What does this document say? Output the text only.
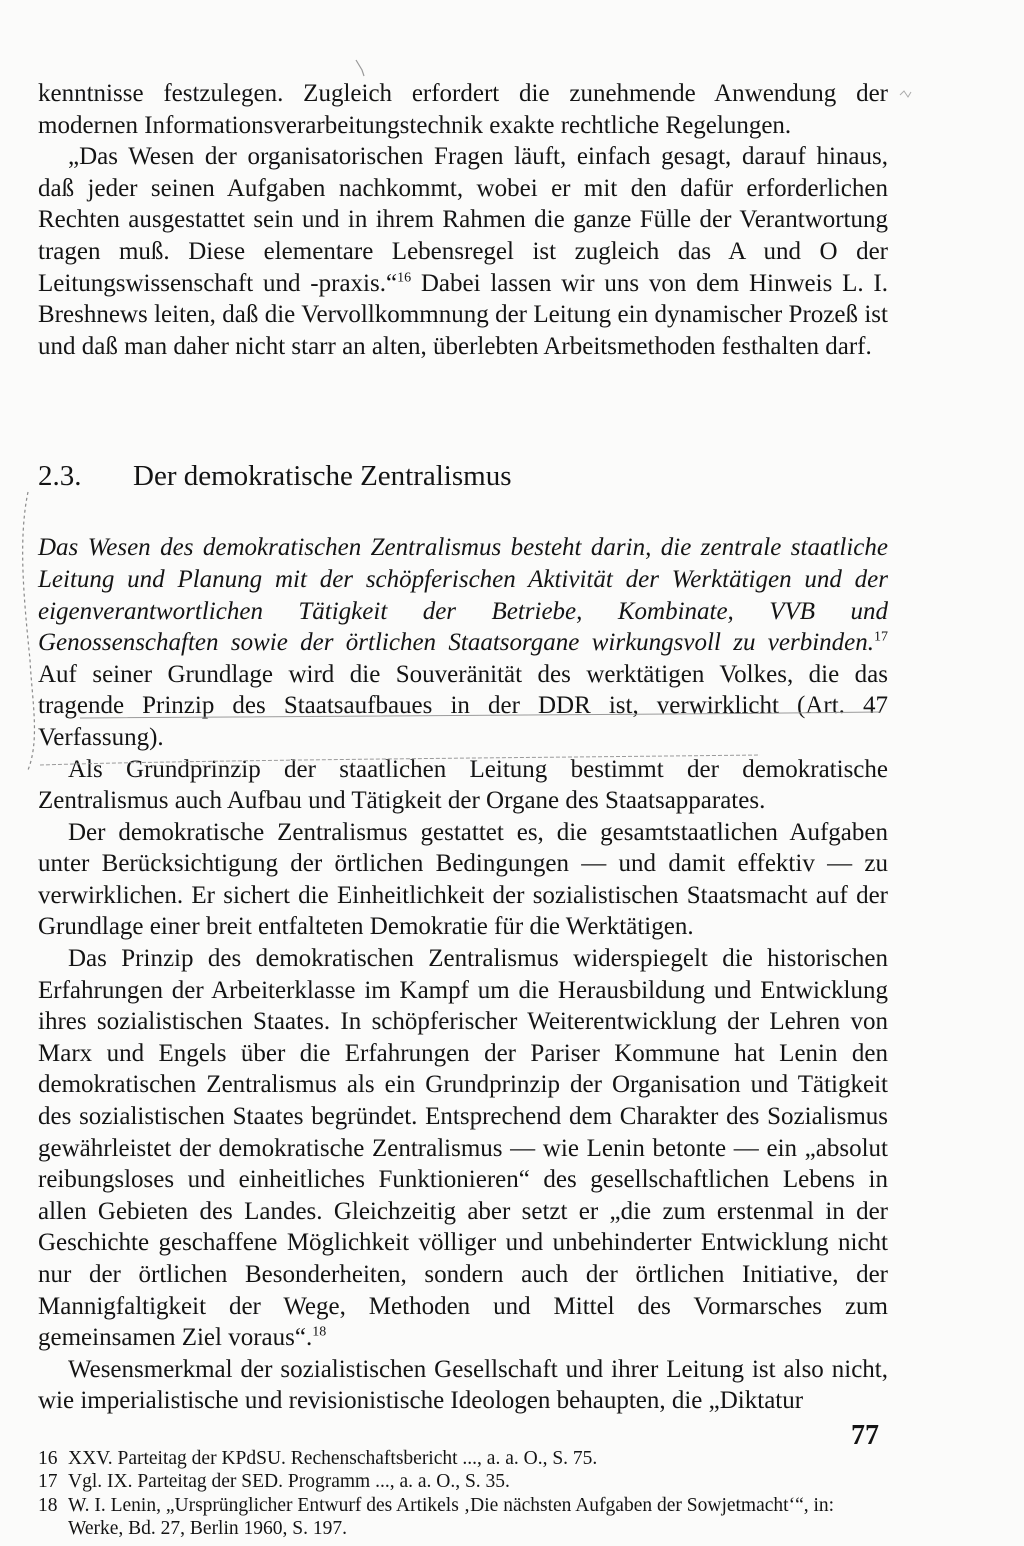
kenntnisse festzulegen. Zugleich erfordert die zunehmende Anwendung der modernen Informationsverarbeitungstechnik exakte rechtliche Regelungen.

„Das Wesen der organisatorischen Fragen läuft, einfach gesagt, darauf hinaus, daß jeder seinen Aufgaben nachkommt, wobei er mit den dafür erforderlichen Rechten ausgestattet sein und in ihrem Rahmen die ganze Fülle der Verantwortung tragen muß. Diese elementare Lebensregel ist zugleich das A und O der Leitungswissenschaft und -praxis.“$^{16}$ Dabei lassen wir uns von dem Hinweis L. I. Breshnews leiten, daß die Vervollkommnung der Leitung ein dynamischer Prozeß ist und daß man daher nicht starr an alten, überlebten Arbeitsmethoden festhalten darf.

2.3.	Der demokratische Zentralismus

Das Wesen des demokratischen Zentralismus besteht darin, die zentrale staatliche Leitung und Planung mit der schöpferischen Aktivität der Werktätigen und der eigenverantwortlichen Tätigkeit der Betriebe, Kombinate, VVB und Genossenschaften sowie der örtlichen Staatsorgane wirkungsvoll zu verbinden.$^{17}$ Auf seiner Grundlage wird die Souveränität des werktätigen Volkes, die das tragende Prinzip des Staatsaufbaues in der DDR ist, verwirklicht (Art. 47 Verfassung).

Als Grundprinzip der staatlichen Leitung bestimmt der demokratische Zentralismus auch Aufbau und Tätigkeit der Organe des Staatsapparates.

Der demokratische Zentralismus gestattet es, die gesamtstaatlichen Aufgaben unter Berücksichtigung der örtlichen Bedingungen — und damit effektiv — zu verwirklichen. Er sichert die Einheitlichkeit der sozialistischen Staatsmacht auf der Grundlage einer breit entfalteten Demokratie für die Werktätigen.

Das Prinzip des demokratischen Zentralismus widerspiegelt die historischen Erfahrungen der Arbeiterklasse im Kampf um die Herausbildung und Entwicklung ihres sozialistischen Staates. In schöpferischer Weiterentwicklung der Lehren von Marx und Engels über die Erfahrungen der Pariser Kommune hat Lenin den demokratischen Zentralismus als ein Grundprinzip der Organisation und Tätigkeit des sozialistischen Staates begründet. Entsprechend dem Charakter des Sozialismus gewährleistet der demokratische Zentralismus — wie Lenin betonte — ein „absolut reibungsloses und einheitliches Funktionieren“ des gesellschaftlichen Lebens in allen Gebieten des Landes. Gleichzeitig aber setzt er „die zum erstenmal in der Geschichte geschaffene Möglichkeit völliger und unbehinderter Entwicklung nicht nur der örtlichen Besonderheiten, sondern auch der örtlichen Initiative, der Mannigfaltigkeit der Wege, Methoden und Mittel des Vormarsches zum gemeinsamen Ziel voraus“.$^{18}$

Wesensmerkmal der sozialistischen Gesellschaft und ihrer Leitung ist also nicht, wie imperialistische und revisionistische Ideologen behaupten, die „Diktatur

16 XXV. Parteitag der KPdSU. Rechenschaftsbericht ..., a. a. O., S. 75.
17 Vgl. IX. Parteitag der SED. Programm ..., a. a. O., S. 35.
18 W. I. Lenin, „Ursprünglicher Entwurf des Artikels ‚Die nächsten Aufgaben der Sowjetmacht‘“, in: Werke, Bd. 27, Berlin 1960, S. 197.
77
